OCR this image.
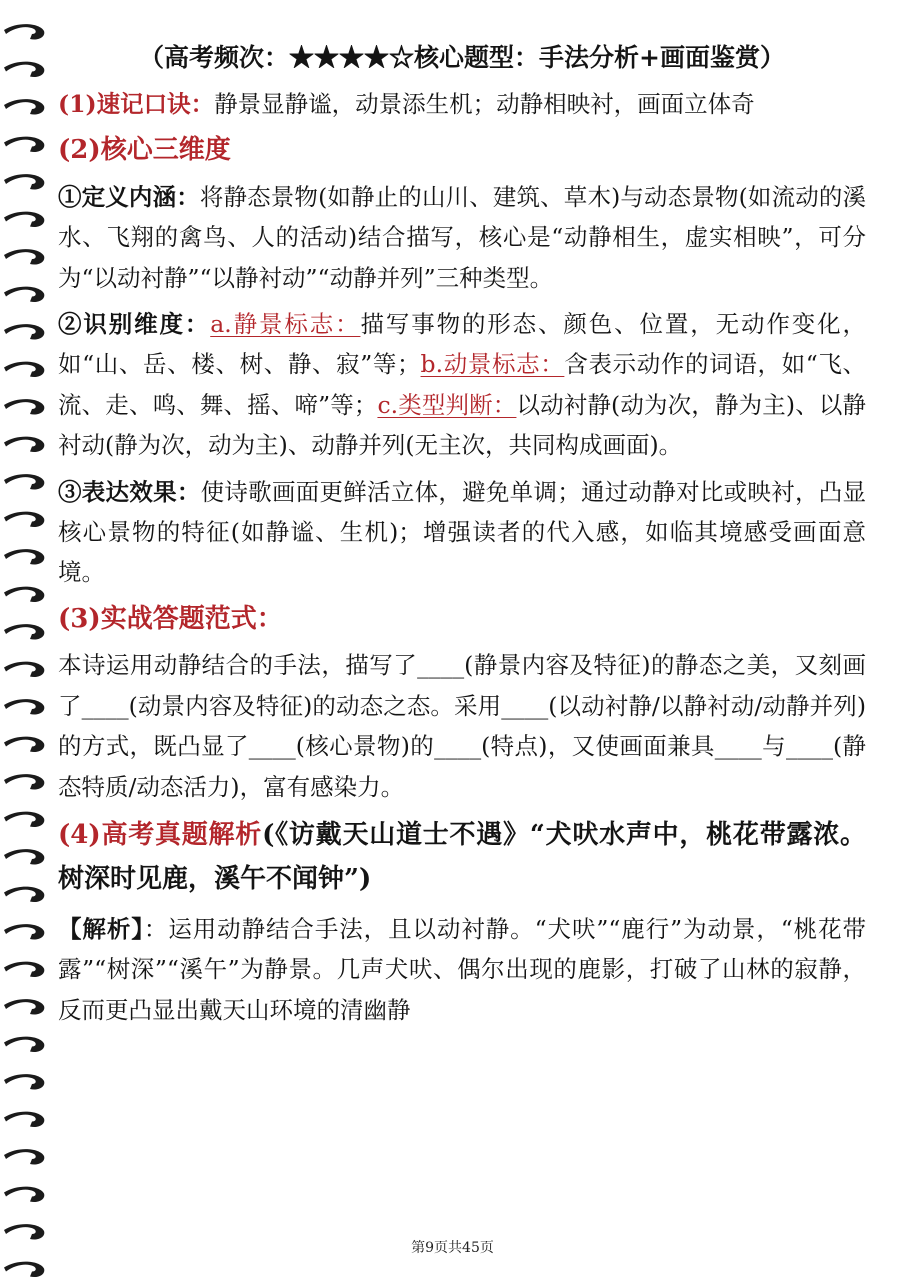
（高考频次：★★★★☆核心题型：手法分析+画面鉴赏）
(1)速记口诀：静景显静谧，动景添生机；动静相映衬，画面立体奇
(2)核心三维度
①定义内涵：将静态景物(如静止的山川、建筑、草木)与动态景物(如流动的溪水、飞翔的禽鸟、人的活动)结合描写，核心是“动静相生，虚实相映”，可分为“以动衬静”“以静衬动”“动静并列”三种类型。
②识别维度：a.静景标志：描写事物的形态、颜色、位置，无动作变化，如“山、岳、楼、树、静、寂”等；b.动景标志：含表示动作的词语，如“飞、流、走、鸣、舞、摇、啼”等；c.类型判断：以动衬静(动为次，静为主)、以静衬动(静为次，动为主)、动静并列(无主次，共同构成画面)。
③表达效果：使诗歌画面更鲜活立体，避免单调；通过动静对比或映衬，凸显核心景物的特征(如静谧、生机)；增强读者的代入感，如临其境感受画面意境。
(3)实战答题范式：
本诗运用动静结合的手法，描写了____(静景内容及特征)的静态之美，又刻画了____(动景内容及特征)的动态之态。采用____(以动衬静/以静衬动/动静并列)的方式，既凸显了____(核心景物)的____(特点)，又使画面兼具____与____(静态特质/动态活力)，富有感染力。
(4)高考真题解析(《访戴天山道士不遇》“犬吠水声中，桃花带露浓。树深时见鹿，溪午不闻钟”)
【解析】：运用动静结合手法，且以动衬静。“犬吠”“鹿行”为动景，“桃花带露”“树深”“溪午”为静景。几声犬吠、偶尔出现的鹿影，打破了山林的寂静，反而更凸显出戴天山环境的清幽静
第9页共45页
